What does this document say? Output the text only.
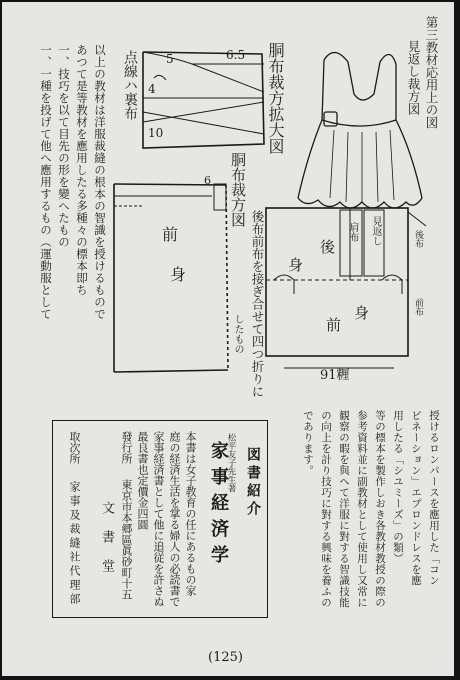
胴布裁方拡大図	第三教材応用上の図
見返し裁方図
点線ハ裏布
胴布裁方図
後布前布を接ぎ合せて四つ折りに
したもの
前
身
後
身
肩布 見返し
前
身
後布
前布
91糎
6.5
6
5
4
10
以上の教材は洋服裁縫の根本の智識を授けるもので
あつて是等教材を應用したる多種々の標本即ち
一、技巧を以て目先の形を變へたもの
一、一種を投げて他へ應用するもの（運動服として
授けるロンパースを應用した「コン
ビネーション」エプロンドレスを應
用したる「シユミーズ」の類）
等の標本を製作しおき各教材教授の際の
参考資料並に副教材として使用し又常に
観察の暇を與へて洋服に對する智識技能
の向上を計り技巧に對する興味を養ふの
であります。
図書紹介
松平友子先生著
家事経済学
本書は女子教育の任にあるもの家
庭の経済生活を掌る婦人の必読書で
家事経済書として他に追従を許さぬ
最良書也定價金四圓
發行所
東京市本郷區眞砂町十五
文書堂
取次所
家事及裁縫社代理部
(125)
